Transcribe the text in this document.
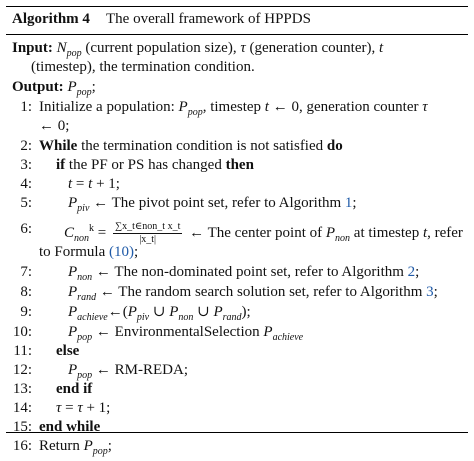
Algorithm 4 The overall framework of HPPDS
Input: $N_{pop}$ (current population size), τ (generation counter), t
(timestep), the termination condition.
Output: $P_{pop}$;
1: Initialize a population: $P_{pop}$, timestep t ← 0, generation counter τ
← 0;
2: While the termination condition is not satisfied do
3: if the PF or PS has changed then
4: t = t + 1;
5: $P_{piv}$ ← The pivot point set, refer to Algorithm 1;
6: $C_{non}^k = \frac{\text{∑x\_t∈non\_t x\_t}}{|x\_t|}$ ← The center point of $P_{non}$ at timestep t, refer
to Formula (10);
7: $P_{non}$ ← The non-dominated point set, refer to Algorithm 2;
8: $P_{rand}$ ← The random search solution set, refer to Algorithm 3;
9: $P_{achieve}\leftarrow(P_{piv}$ ∪ $P_{non}$ ∪ $P_{rand}$);
10: $P_{pop}$ ← EnvironmentalSelection $P_{achieve}$
11: else
12: $P_{pop}$ ← RM-REDA;
13: end if
14: τ = τ + 1;
15: end while
16: Return $P_{pop}$;
